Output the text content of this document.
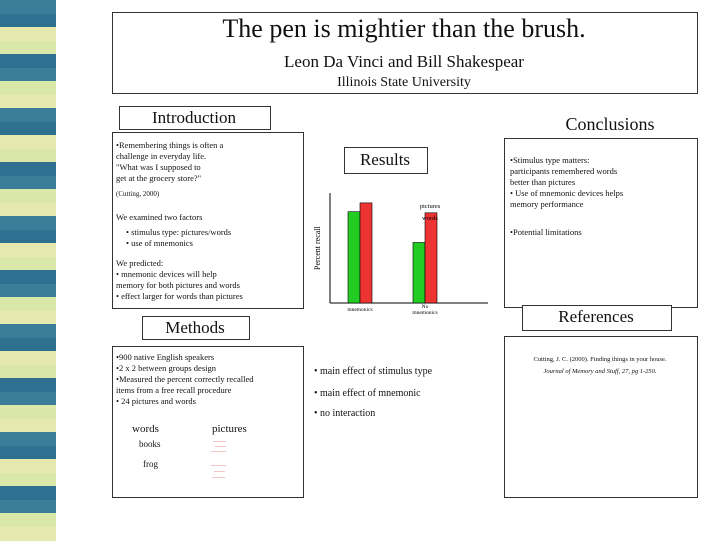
The pen is mightier than the brush.
Leon Da Vinci and Bill Shakespear
Illinois State University
Introduction
•Remembering things is often a
challenge in everyday life.
"What was I supposed to
get at the grocery store?"
(Cutting, 2000)
We examined two factors
• stimulus type: pictures/words
• use of mnemonics
We predicted:
• mnemonic devices will help
memory for both pictures and words
• effect larger for words than pictures
Results
Percent recall
mnemonics	No
mnemonics
pictures
words
• main effect of stimulus type
• main effect of mnemonic
• no interaction
Methods
•900 native English speakers
•2 x 2 between groups design
•Measured the percent correctly recalled
items from a free recall procedure
• 24 pictures and words
words	pictures
books
frog
~~~~~~
~~~~~
~~~~~~~
~~~~~~~
~~~~~
~~~~~~
Conclusions
•Stimulus type matters:
participants remembered words
better than pictures
• Use of mnemonic devices helps
memory performance
•Potential limitations
References
Cutting, J. C. (2000). Finding things in your house.
Journal of Memory and Stuff, 27, pg 1-250.
